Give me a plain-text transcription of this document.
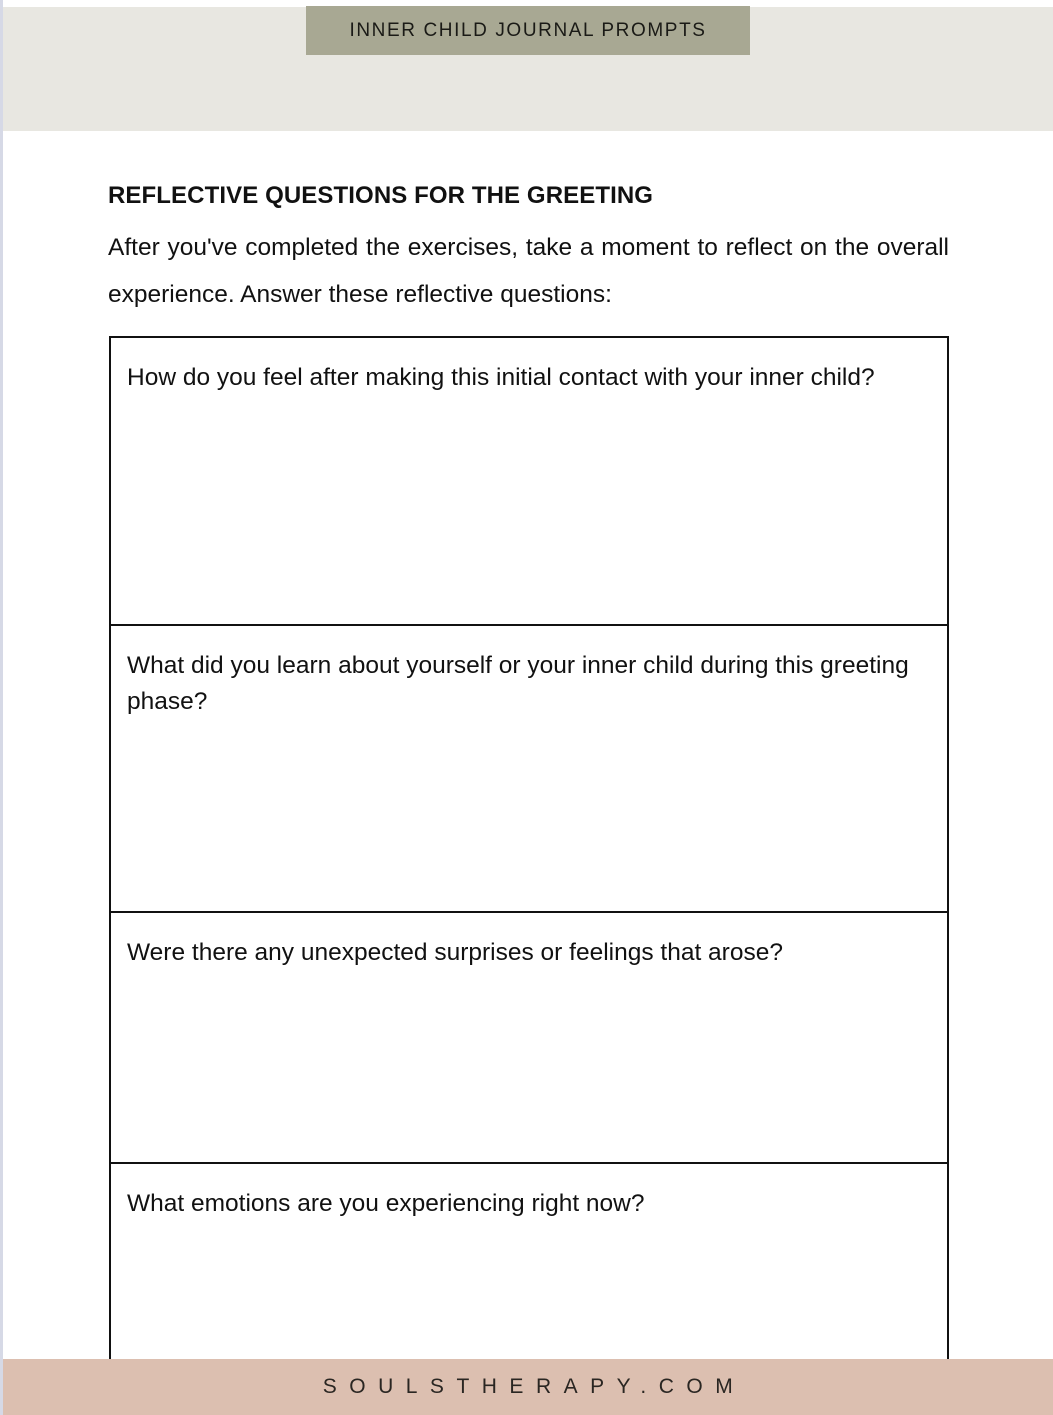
INNER CHILD JOURNAL PROMPTS
REFLECTIVE QUESTIONS FOR THE GREETING

After you've completed the exercises, take a moment to reflect on the overall experience. Answer these reflective questions:

How do you feel after making this initial contact with your inner child?
What did you learn about yourself or your inner child during this greeting phase?
Were there any unexpected surprises or feelings that arose?
What emotions are you experiencing right now?
SOULSTHERAPY.COM
